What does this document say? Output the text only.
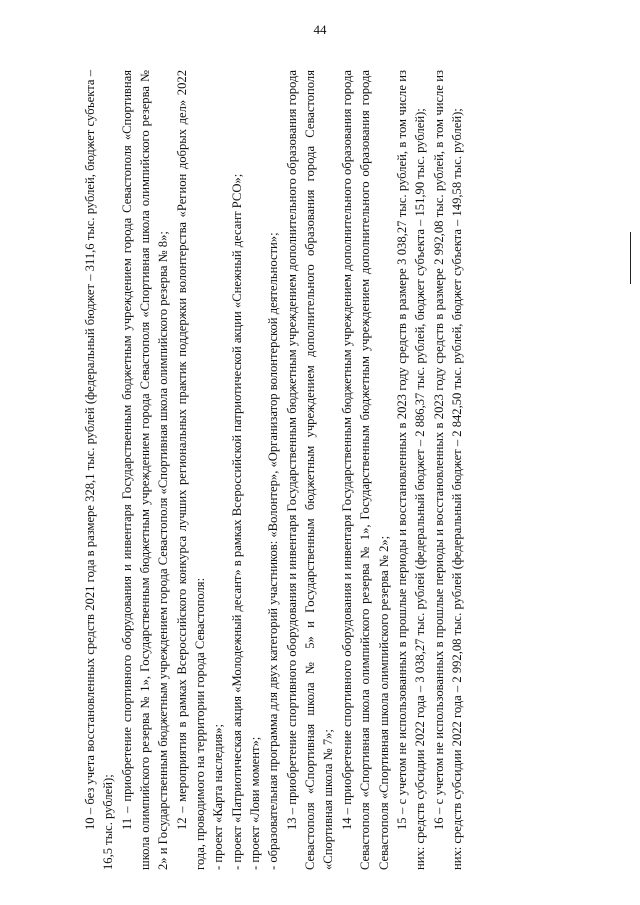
44

10 – без учета восстановленных средств 2021 года в размере 328,1 тыс. рублей (федеральный бюджет – 311,6 тыс. рублей, бюджет субъекта – 16,5 тыс. рублей); 11 – приобретение спортивного оборудования и инвентаря Государственным бюджетным учреждением города Севастополя «Спортивная школа олимпийского резерва № 1», Государственным бюджетным учреждением города Севастополя «Спортивная школа олимпийского резерва № 2» и Государственным бюджетным учреждением города Севастополя «Спортивная школа олимпийского резерва № 8»; 12 – мероприятия в рамках Всероссийского конкурса лучших региональных практик поддержки волонтерства «Регион добрых дел» 2022 года, проводимого на территории города Севастополя: - проект «Карта наследия»; - проект «Патриотическая акция «Молодежный десант» в рамках Всероссийской патриотической акции «Снежный десант РСО»; - проект «Лови момент»; - образовательная программа для двух категорий участников: «Волонтер», «Организатор волонтерской деятельности»; 13 – приобретение спортивного оборудования и инвентаря Государственным бюджетным учреждением дополнительного образования города Севастополя «Спортивная школа № 5» и Государственным бюджетным учреждением дополнительного образования города Севастополя «Спортивная школа № 7»; 14 – приобретение спортивного оборудования и инвентаря Государственным бюджетным учреждением дополнительного образования города Севастополя «Спортивная школа олимпийского резерва № 1», Государственным бюджетным учреждением дополнительного образования города Севастополя «Спортивная школа олимпийского резерва № 2»; 15 – с учетом не использованных в прошлые периоды и восстановленных в 2023 году средств в размере 3 038,27 тыс. рублей, в том числе из них: средств субсидии 2022 года – 3 038,27 тыс. рублей (федеральный бюджет – 2 886,37 тыс. рублей, бюджет субъекта – 151,90 тыс. рублей); 16 – с учетом не использованных в прошлые периоды и восстановленных в 2023 году средств в размере 2 992,08 тыс. рублей, в том числе из них: средств субсидии 2022 года – 2 992,08 тыс. рублей (федеральный бюджет – 2 842,50 тыс. рублей, бюджет субъекта – 149,58 тыс. рублей);
